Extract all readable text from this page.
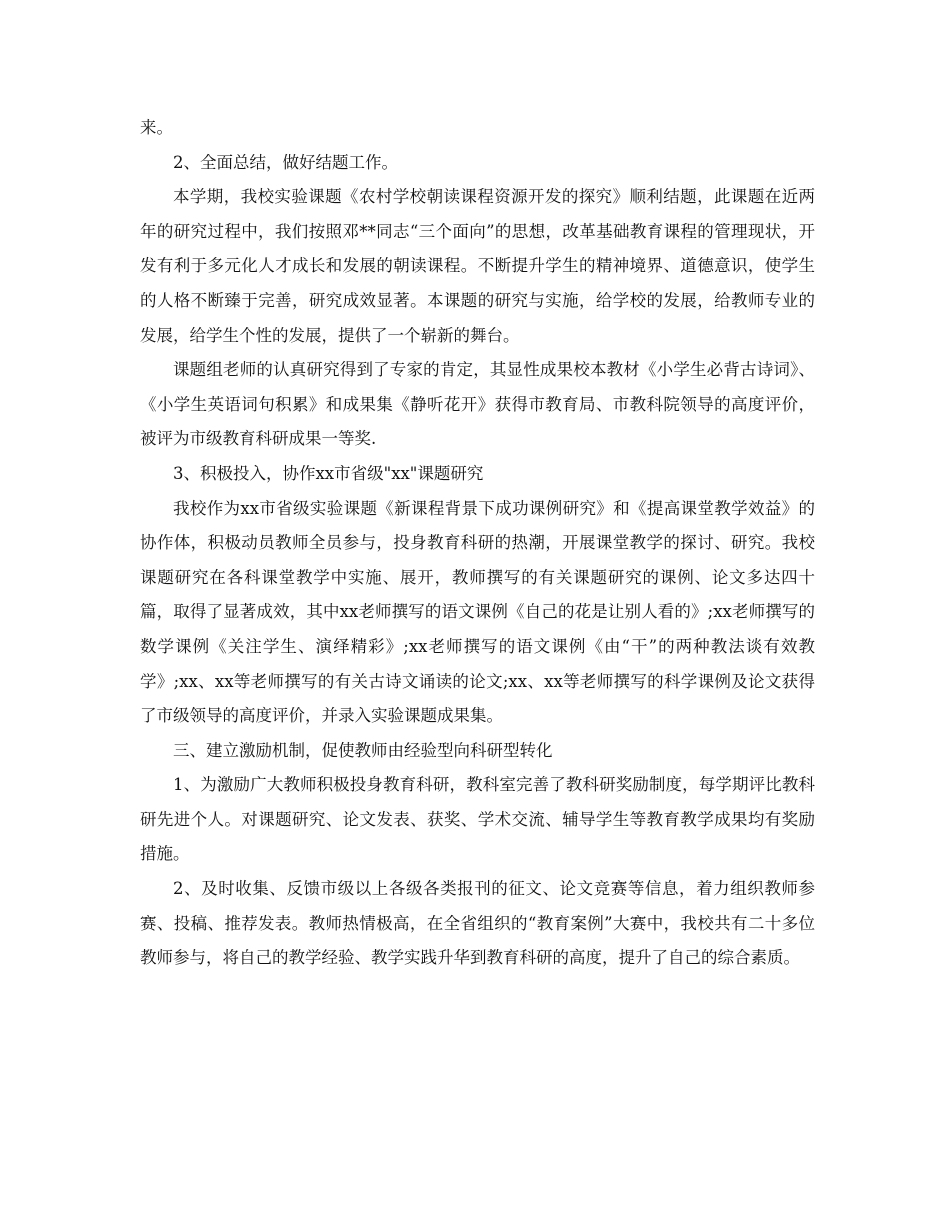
来。

2、全面总结，做好结题工作。

本学期，我校实验课题《农村学校朝读课程资源开发的探究》顺利结题，此课题在近两年的研究过程中，我们按照邓**同志“三个面向”的思想，改革基础教育课程的管理现状，开发有利于多元化人才成长和发展的朝读课程。不断提升学生的精神境界、道德意识，使学生的人格不断臻于完善，研究成效显著。本课题的研究与实施，给学校的发展，给教师专业的发展，给学生个性的发展，提供了一个崭新的舞台。

课题组老师的认真研究得到了专家的肯定，其显性成果校本教材《小学生必背古诗词》、《小学生英语词句积累》和成果集《静听花开》获得市教育局、市教科院领导的高度评价，被评为市级教育科研成果一等奖.

3、积极投入，协作xx市省级"xx"课题研究

我校作为xx市省级实验课题《新课程背景下成功课例研究》和《提高课堂教学效益》的协作体，积极动员教师全员参与，投身教育科研的热潮，开展课堂教学的探讨、研究。我校课题研究在各科课堂教学中实施、展开，教师撰写的有关课题研究的课例、论文多达四十篇，取得了显著成效，其中xx老师撰写的语文课例《自己的花是让别人看的》;xx老师撰写的数学课例《关注学生、演绎精彩》;xx老师撰写的语文课例《由“干”的两种教法谈有效教学》;xx、xx等老师撰写的有关古诗文诵读的论文;xx、xx等老师撰写的科学课例及论文获得了市级领导的高度评价，并录入实验课题成果集。

三、建立激励机制，促使教师由经验型向科研型转化

1、为激励广大教师积极投身教育科研，教科室完善了教科研奖励制度，每学期评比教科研先进个人。对课题研究、论文发表、获奖、学术交流、辅导学生等教育教学成果均有奖励措施。

2、及时收集、反馈市级以上各级各类报刊的征文、论文竞赛等信息，着力组织教师参赛、投稿、推荐发表。教师热情极高，在全省组织的“教育案例”大赛中，我校共有二十多位教师参与，将自己的教学经验、教学实践升华到教育科研的高度，提升了自己的综合素质。
